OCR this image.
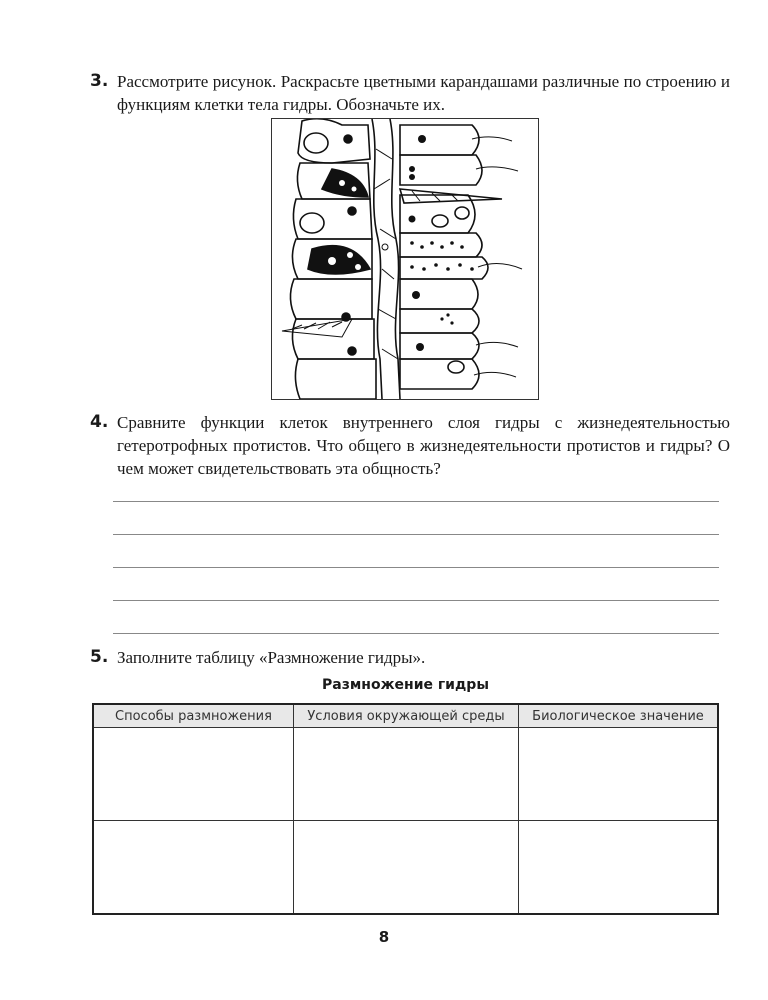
3. Рассмотрите рисунок. Раскрасьте цветными карандашами различные по строению и функциям клетки тела гидры. Обозначьте их.
4. Сравните функции клеток внутреннего слоя гидры с жизнедеятельностью гетеротрофных протистов. Что общего в жизнедеятельности протистов и гидры? О чем может свидетельствовать эта общность?
5. Заполните таблицу «Размножение гидры».
Размножение гидры
Способы размножения	Условия окружающей среды	Биологическое значение

8
